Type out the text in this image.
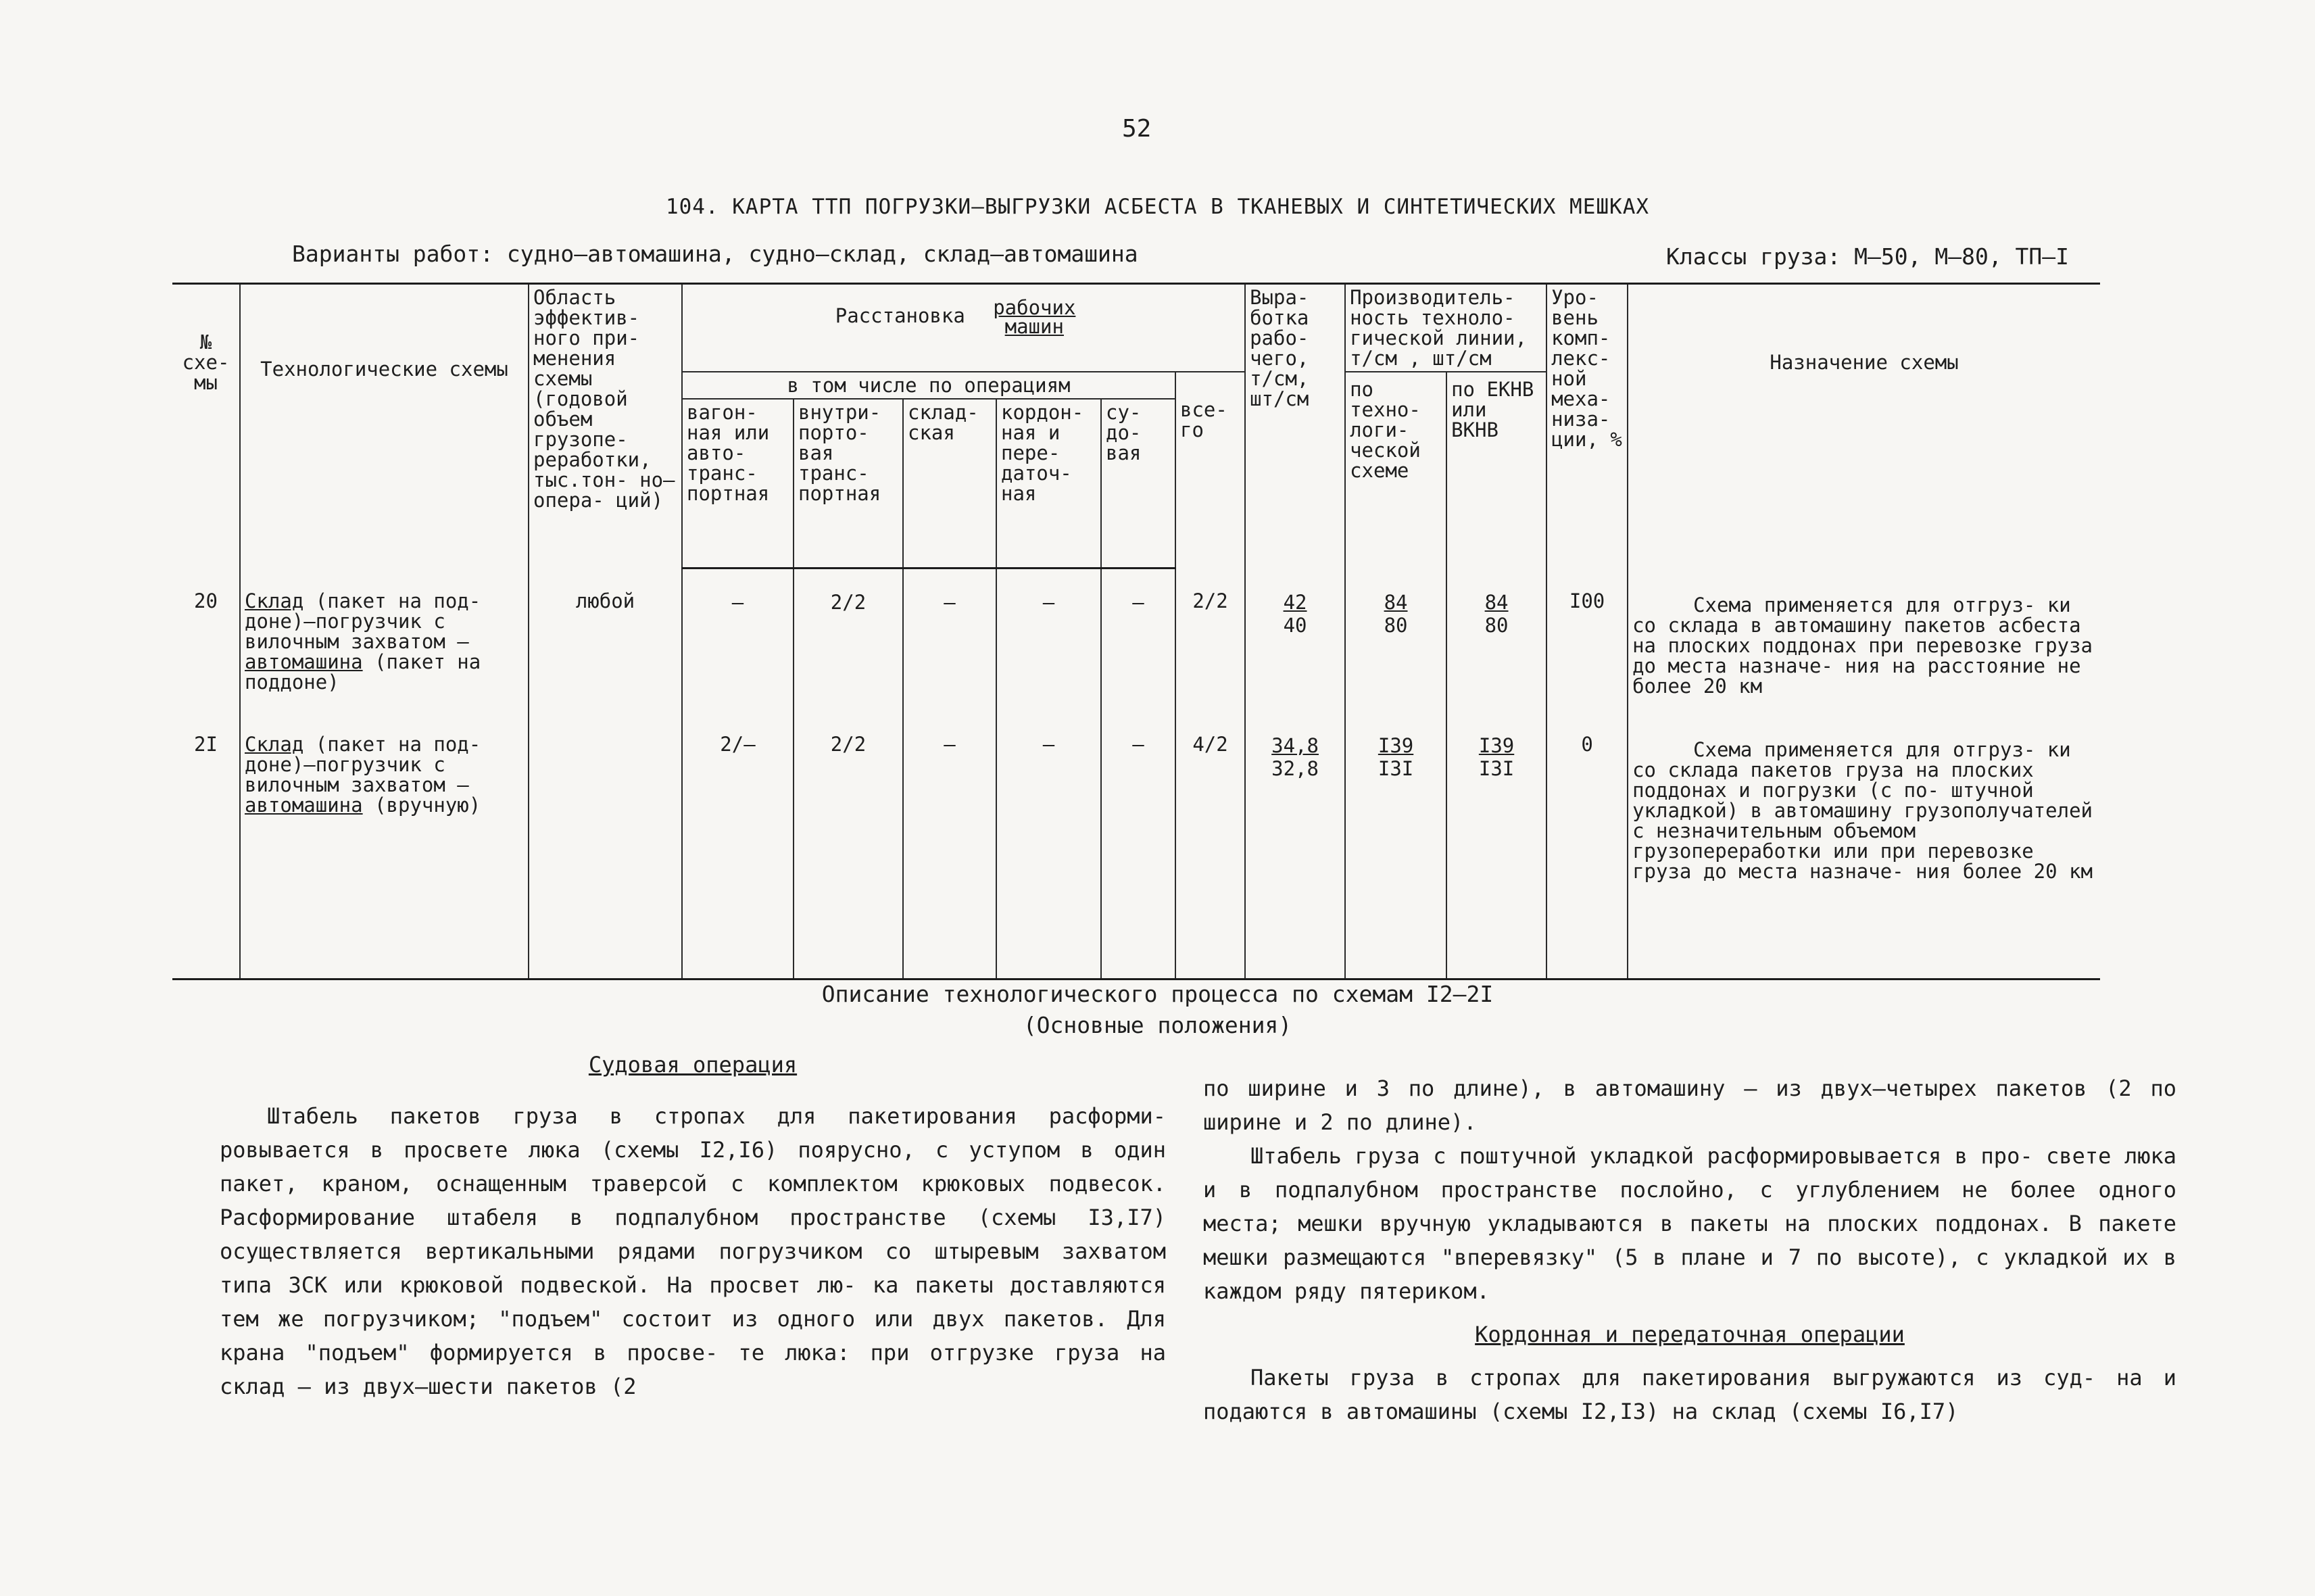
52
104. КАРТА ТТП ПОГРУЗКИ–ВЫГРУЗКИ АСБЕСТА В ТКАНЕВЫХ И СИНТЕТИЧЕСКИХ МЕШКАХ
Варианты работ: судно–автомашина, судно–склад, склад–автомашина	Классы груза: М–50, М–80, ТП–I
№ схе- мы	Технологические схемы	Область эффектив- ного при- менения схемы (годовой объем грузопе- реработки, тыс.тон- но–опера- ций)	Расстановка рабочих машин						Выра- ботка рабо- чего, т/см, шт/см	Производитель- ность техноло- гической линии, т/см , шт/см		Уро- вень комп- лекс- ной меха- низа- ции, %	Назначение схемы
			в том числе по операциям					все- го		по техно- логи- ческой схеме	по ЕКНВ или ВКНВ		
			вагон- ная или авто- транс- портная	внутри- порто- вая транс- портная	склад- ская	кордон- ная и пере- даточ- ная	су- до- вая						
20	Склад (пакет на под- доне)–погрузчик с вилочным захватом – автомашина (пакет на поддоне)	любой	–	2/2	–	–	–	2/2	$\frac{42}{40}$	$\frac{84}{80}$	$\frac{84}{80}$	I00	Схема применяется для отгруз- ки со склада в автомашину пакетов асбеста на плоских поддонах при перевозке груза до места назначе- ния на расстояние не более 20 км
2I	Склад (пакет на под- доне)–погрузчик с вилочным захватом – автомашина (вручную)		2/–	2/2	–	–	–	4/2	$\frac{34,8}{32,8}$	$\frac{I39}{I3I}$	$\frac{I39}{I3I}$	0	Схема применяется для отгруз- ки со склада пакетов груза на плоских поддонах и погрузки (с по- штучной укладкой) в автомашину грузополучателей с незначительным объемом грузопереработки или при перевозке груза до места назначе- ния более 20 км
Описание технологического процесса по схемам I2–2I
(Основные положения)

Судовая операция

Штабель пакетов груза в стропах для пакетирования расформи- ровывается в просвете люка (схемы I2,I6) поярусно, с уступом в один пакет, краном, оснащенным траверсой с комплектом крюковых подвесок. Расформирование штабеля в подпалубном пространстве (схемы I3,I7) осуществляется вертикальными рядами погрузчиком со штыревым захватом типа ЗСК или крюковой подвеской. На просвет лю- ка пакеты доставляются тем же погрузчиком; "подъем" состоит из одного или двух пакетов. Для крана "подъем" формируется в просве- те люка: при отгрузке груза на склад – из двух–шести пакетов (2

по ширине и 3 по длине), в автомашину – из двух–четырех пакетов (2 по ширине и 2 по длине).

Штабель груза с поштучной укладкой расформировывается в про- свете люка и в подпалубном пространстве послойно, с углублением не более одного места; мешки вручную укладываются в пакеты на плоских поддонах. В пакете мешки размещаются "вперевязку" (5 в плане и 7 по высоте), с укладкой их в каждом ряду пятериком.

Кордонная и передаточная операции

Пакеты груза в стропах для пакетирования выгружаются из суд- на и подаются в автомашины (схемы I2,I3) на склад (схемы I6,I7)
